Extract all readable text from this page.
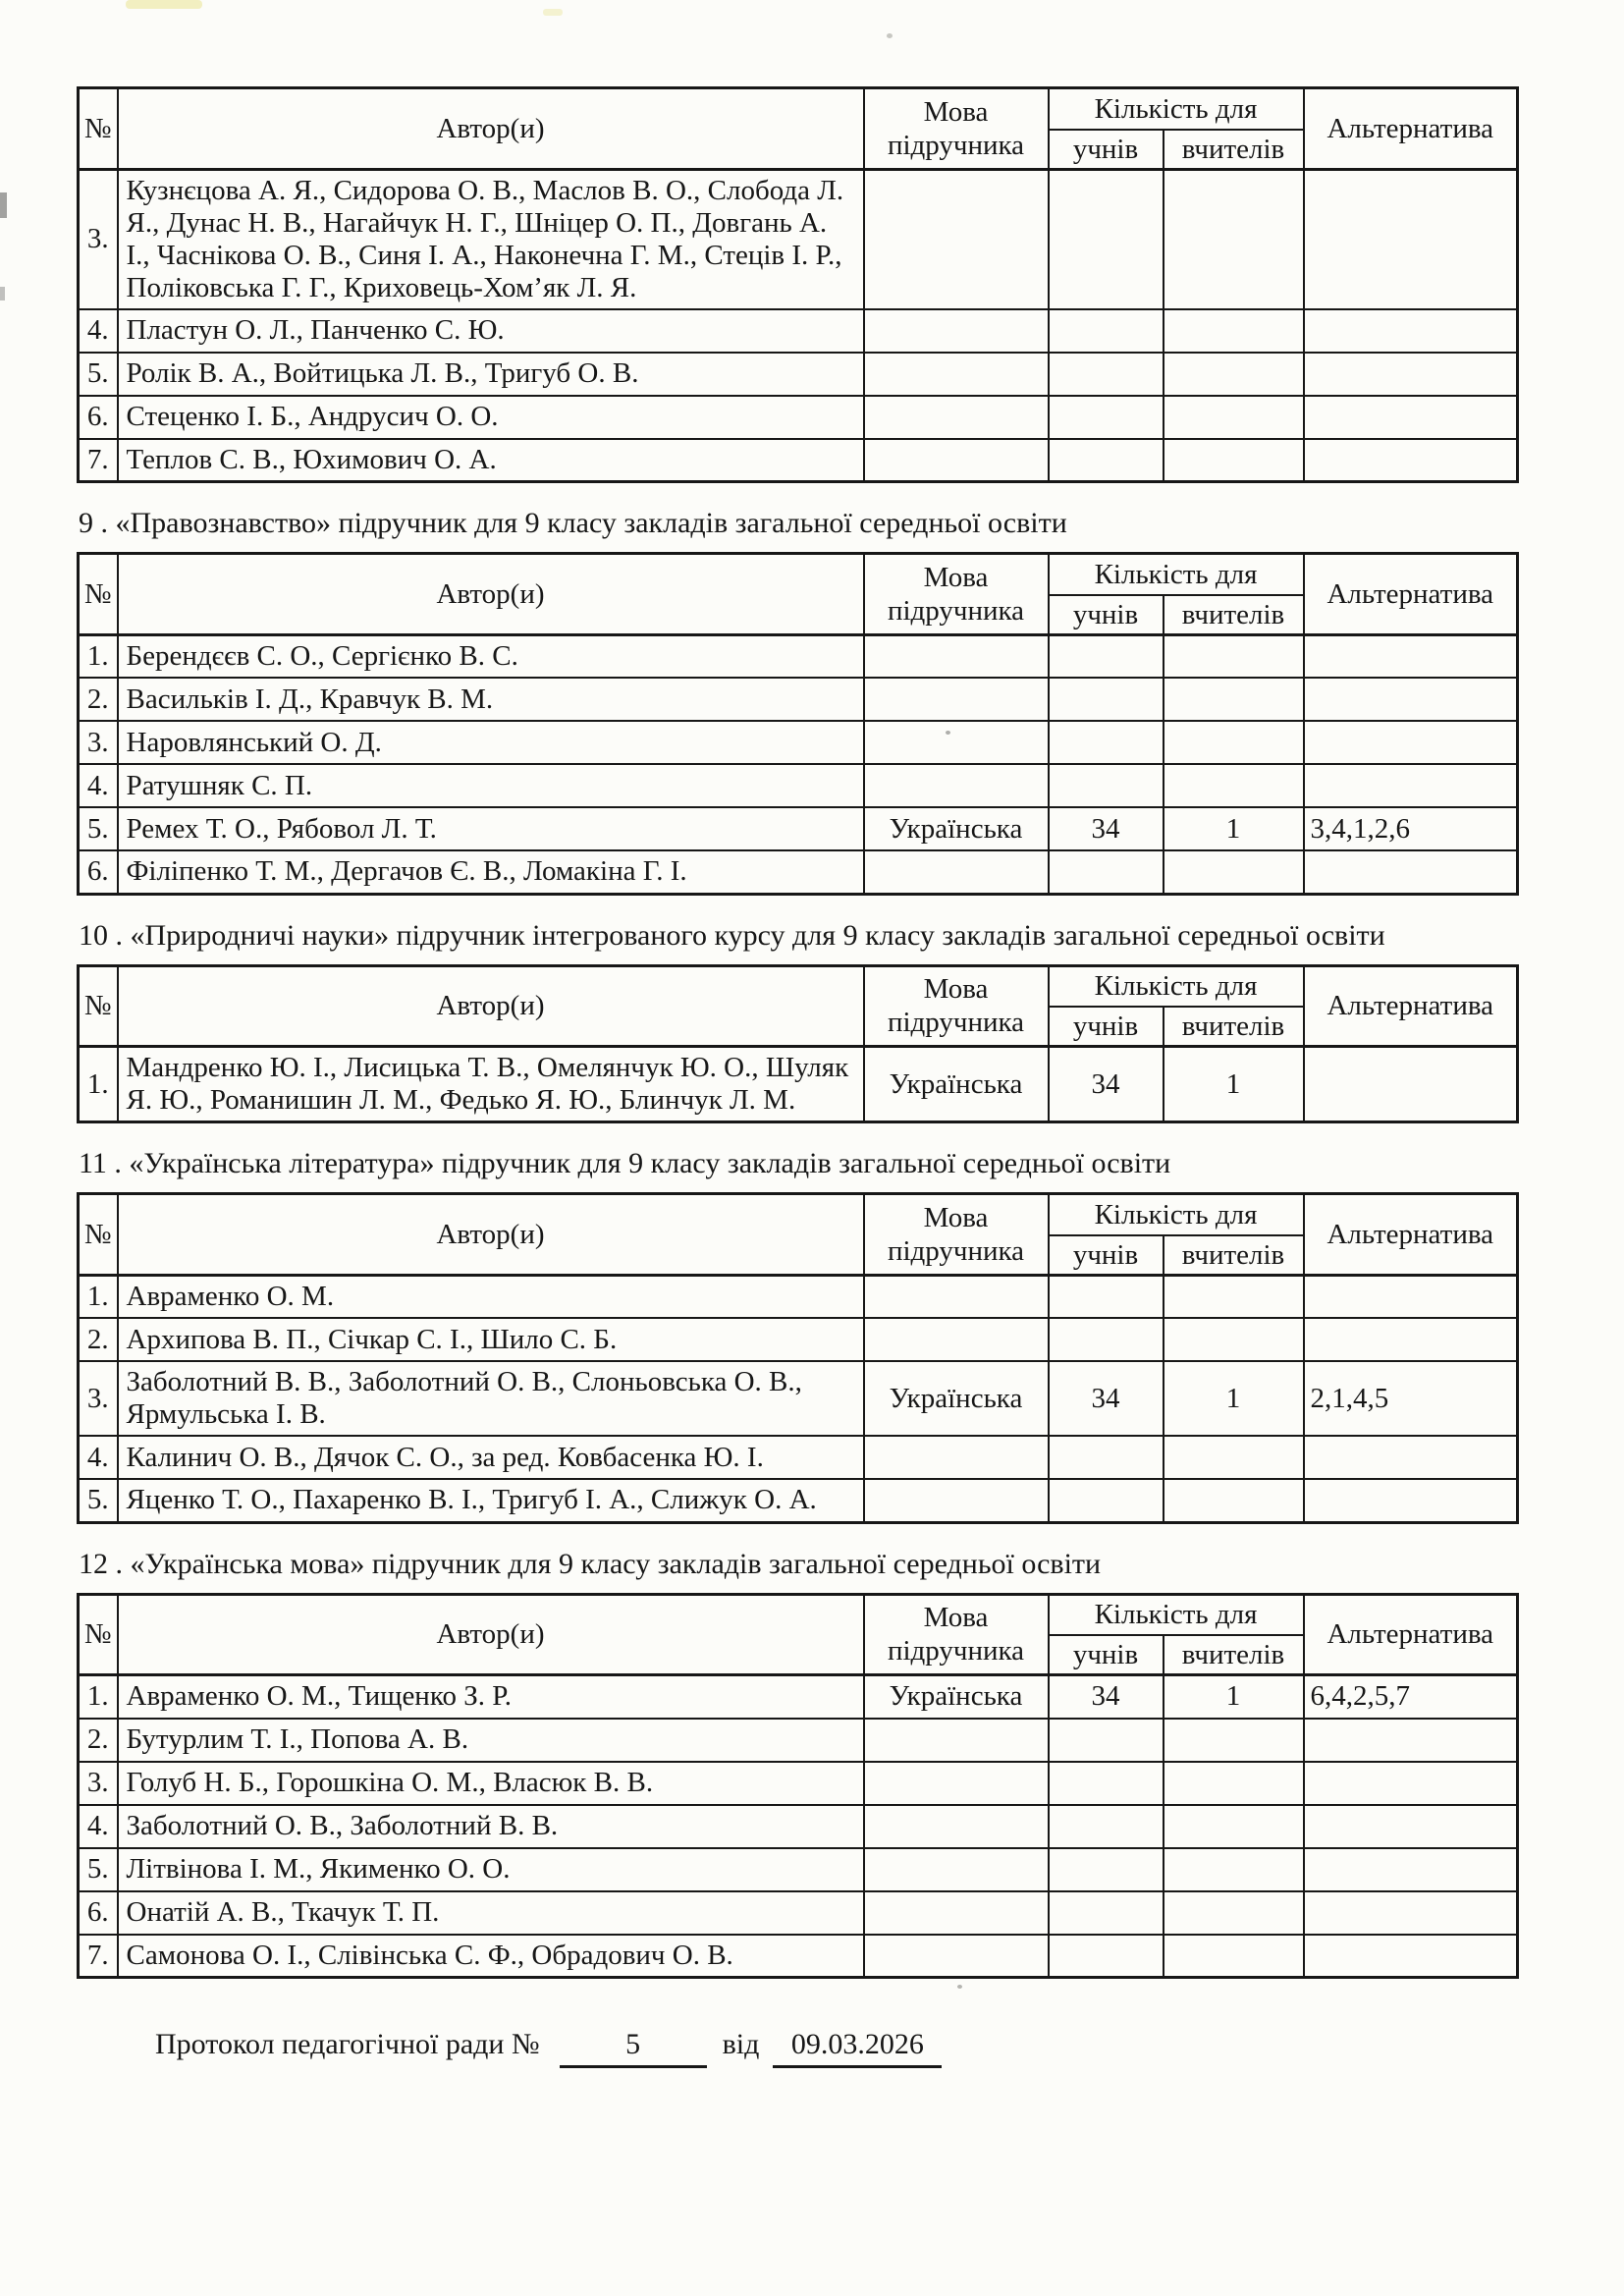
№	Автор(и)	Мова підручника	Кількість для		Альтернатива
			учнів	вчителів	
3.	Кузнєцова А. Я., Сидорова О. В., Маслов В. О., Слобода Л. Я., Дунас Н. В., Нагайчук Н. Г., Шніцер О. П., Довгань А. І., Часнікова О. В., Синя І. А., Наконечна Г. М., Стеців І. Р., Поліковська Г. Г., Криховець-Хом’як Л. Я.				
4.	Пластун О. Л., Панченко С. Ю.				
5.	Ролік В. А., Войтицька Л. В., Тригуб О. В.				
6.	Стеценко І. Б., Андрусич О. О.				
7.	Теплов С. В., Юхимович О. А.				
9 . «Правознавство» підручник для 9 класу закладів загальної середньої освіти
№	Автор(и)	Мова підручника	Кількість для		Альтернатива
			учнів	вчителів	
1.	Берендєєв С. О., Сергієнко В. С.				
2.	Васильків І. Д., Кравчук В. М.				
3.	Наровлянський О. Д.				
4.	Ратушняк С. П.				
5.	Ремех Т. О., Рябовол Л. Т.	Українська	34	1	3,4,1,2,6
6.	Філіпенко Т. М., Дергачов Є. В., Ломакіна Г. І.				
10 . «Природничі науки» підручник інтегрованого курсу для 9 класу закладів загальної середньої освіти
№	Автор(и)	Мова підручника	Кількість для		Альтернатива
			учнів	вчителів	
1.	Мандренко Ю. І., Лисицька Т. В., Омелянчук Ю. О., Шуляк Я. Ю., Романишин Л. М., Федько Я. Ю., Блинчук Л. М.	Українська	34	1	
11 . «Українська література» підручник для 9 класу закладів загальної середньої освіти
№	Автор(и)	Мова підручника	Кількість для		Альтернатива
			учнів	вчителів	
1.	Авраменко О. М.				
2.	Архипова В. П., Січкар С. І., Шило С. Б.				
3.	Заболотний В. В., Заболотний О. В., Слоньовська О. В., Ярмульська І. В.	Українська	34	1	2,1,4,5
4.	Калинич О. В., Дячок С. О., за ред. Ковбасенка Ю. І.				
5.	Яценко Т. О., Пахаренко В. І., Тригуб І. А., Слижук О. А.				
12 . «Українська мова» підручник для 9 класу закладів загальної середньої освіти
№	Автор(и)	Мова підручника	Кількість для		Альтернатива
			учнів	вчителів	
1.	Авраменко О. М., Тищенко З. Р.	Українська	34	1	6,4,2,5,7
2.	Бутурлим Т. І., Попова А. В.				
3.	Голуб Н. Б., Горошкіна О. М., Власюк В. В.				
4.	Заболотний О. В., Заболотний В. В.				
5.	Літвінова І. М., Якименко О. О.				
6.	Онатій А. В., Ткачук Т. П.				
7.	Самонова О. І., Слівінська С. Ф., Обрадович О. В.				
Протокол педагогічної ради №	5	від	09.03.2026
